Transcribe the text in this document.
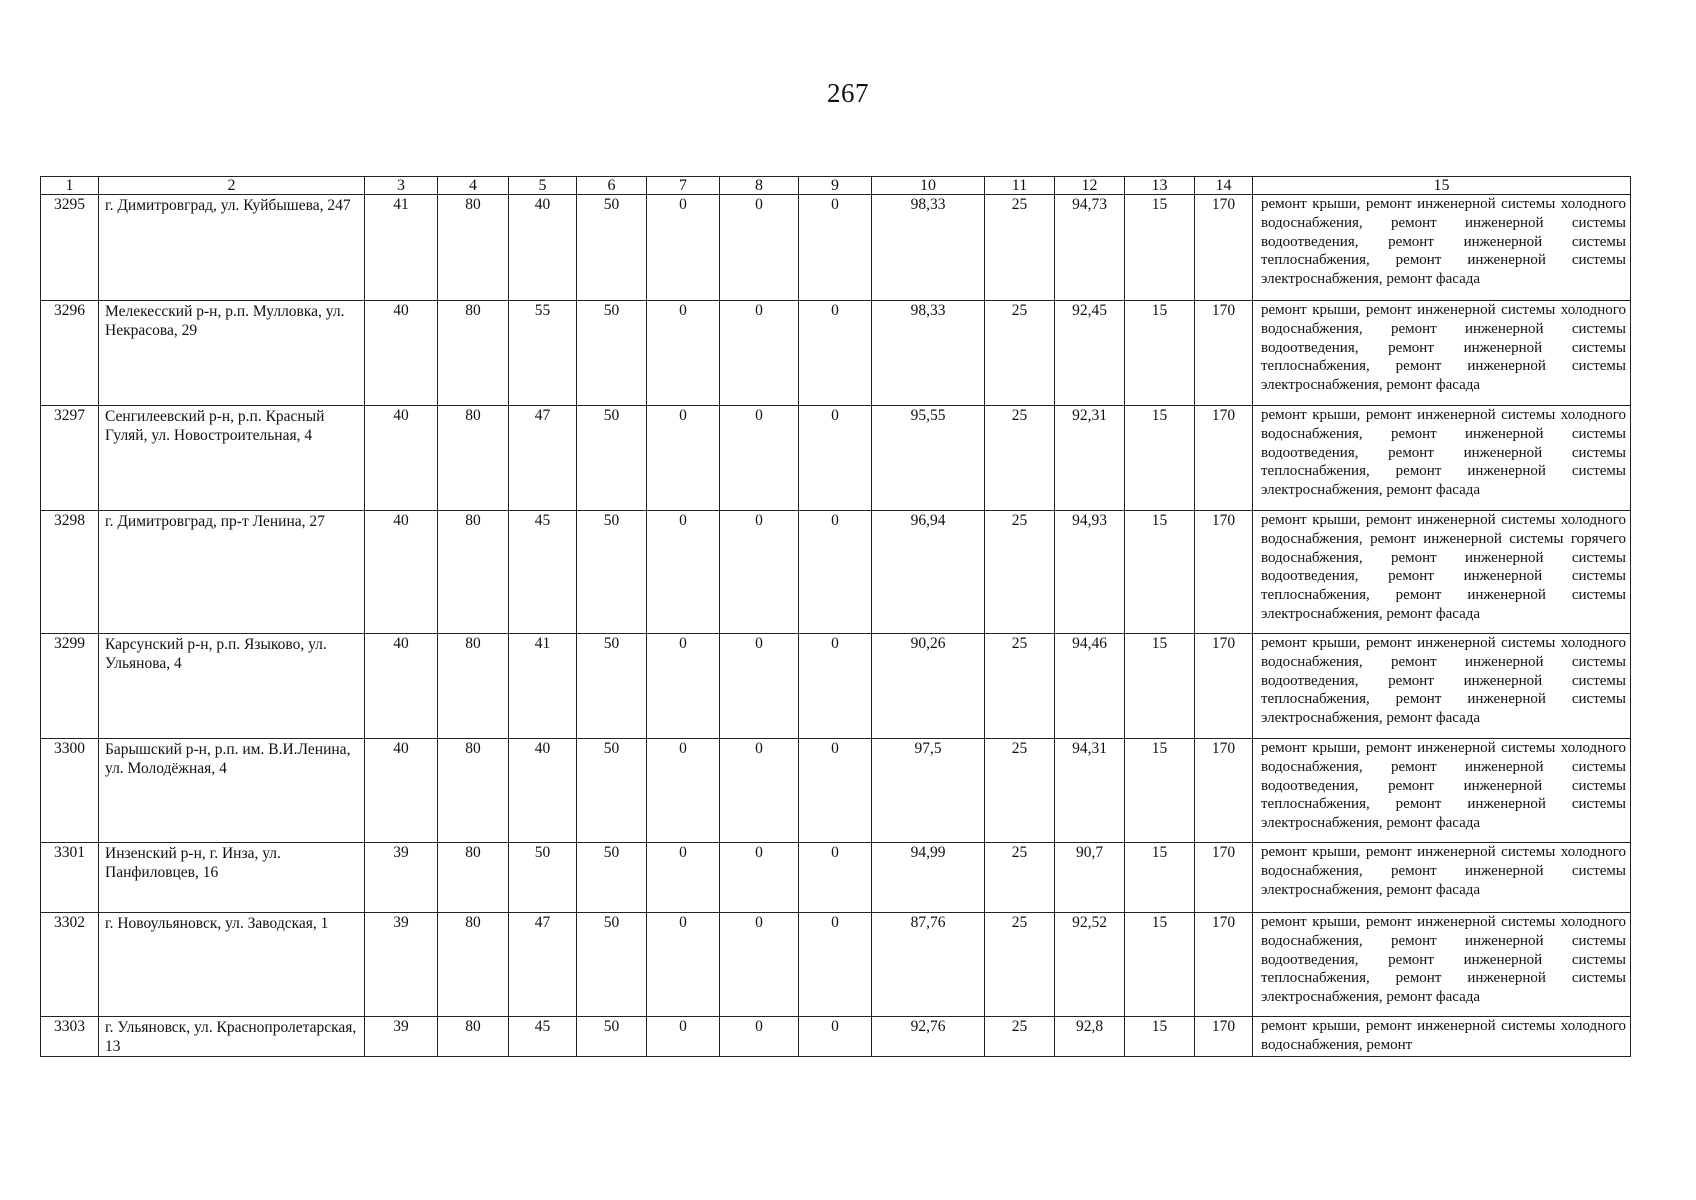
267
1	2	3	4	5	6	7	8	9	10	11	12	13	14	15
3295	г. Димитровград, ул. Куйбышева, 247	41	80	40	50	0	0	0	98,33	25	94,73	15	170	ремонт крыши, ремонт инженерной системы холодного водоснабжения, ремонт инженерной системы водоотведения, ремонт инженерной системы теплоснабжения, ремонт инженерной системы электроснабжения, ремонт фасада
3296	Мелекесский р-н, р.п. Мулловка, ул. Некрасова, 29	40	80	55	50	0	0	0	98,33	25	92,45	15	170	ремонт крыши, ремонт инженерной системы холодного водоснабжения, ремонт инженерной системы водоотведения, ремонт инженерной системы теплоснабжения, ремонт инженерной системы электроснабжения, ремонт фасада
3297	Сенгилеевский р-н, р.п. Красный Гуляй, ул. Новостроительная, 4	40	80	47	50	0	0	0	95,55	25	92,31	15	170	ремонт крыши, ремонт инженерной системы холодного водоснабжения, ремонт инженерной системы водоотведения, ремонт инженерной системы теплоснабжения, ремонт инженерной системы электроснабжения, ремонт фасада
3298	г. Димитровград, пр-т Ленина, 27	40	80	45	50	0	0	0	96,94	25	94,93	15	170	ремонт крыши, ремонт инженерной системы холодного водоснабжения, ремонт инженерной системы горячего водоснабжения, ремонт инженерной системы водоотведения, ремонт инженерной системы теплоснабжения, ремонт инженерной системы электроснабжения, ремонт фасада
3299	Карсунский р-н, р.п. Языково, ул. Ульянова, 4	40	80	41	50	0	0	0	90,26	25	94,46	15	170	ремонт крыши, ремонт инженерной системы холодного водоснабжения, ремонт инженерной системы водоотведения, ремонт инженерной системы теплоснабжения, ремонт инженерной системы электроснабжения, ремонт фасада
3300	Барышский р-н, р.п. им. В.И.Ленина, ул. Молодёжная, 4	40	80	40	50	0	0	0	97,5	25	94,31	15	170	ремонт крыши, ремонт инженерной системы холодного водоснабжения, ремонт инженерной системы водоотведения, ремонт инженерной системы теплоснабжения, ремонт инженерной системы электроснабжения, ремонт фасада
3301	Инзенский р-н, г. Инза, ул. Панфиловцев, 16	39	80	50	50	0	0	0	94,99	25	90,7	15	170	ремонт крыши, ремонт инженерной системы холодного водоснабжения, ремонт инженерной системы электроснабжения, ремонт фасада
3302	г. Новоульяновск, ул. Заводская, 1	39	80	47	50	0	0	0	87,76	25	92,52	15	170	ремонт крыши, ремонт инженерной системы холодного водоснабжения, ремонт инженерной системы водоотведения, ремонт инженерной системы теплоснабжения, ремонт инженерной системы электроснабжения, ремонт фасада
3303	г. Ульяновск, ул. Краснопролетарская, 13	39	80	45	50	0	0	0	92,76	25	92,8	15	170	ремонт крыши, ремонт инженерной системы холодного водоснабжения, ремонт
